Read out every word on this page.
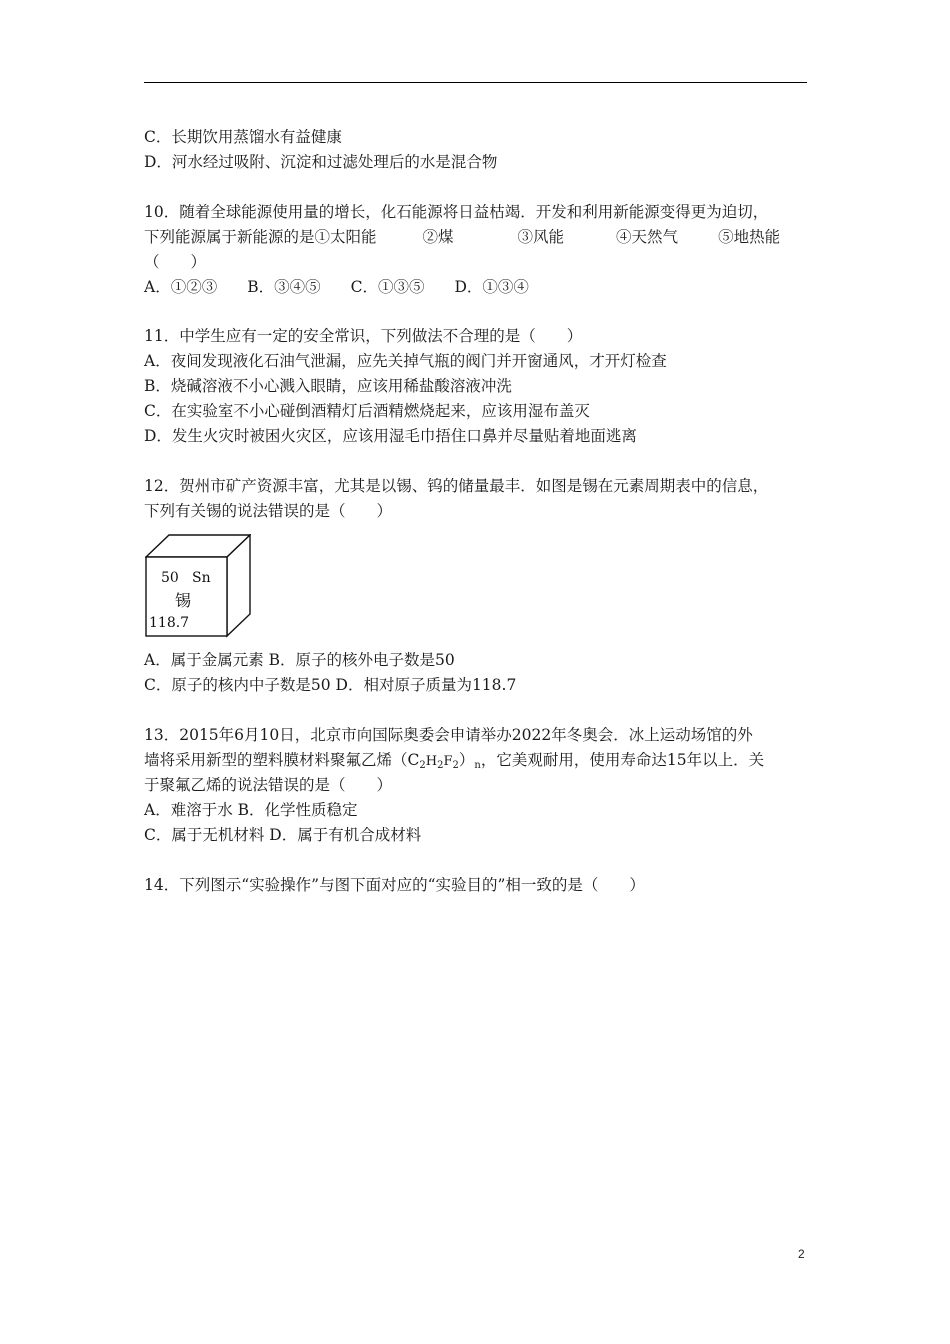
C．长期饮用蒸馏水有益健康
D．河水经过吸附、沉淀和过滤处理后的水是混合物
10．随着全球能源使用量的增长，化石能源将日益枯竭．开发和利用新能源变得更为迫切，
下列能源属于新能源的是①太阳能	②煤	③风能	④天然气	⑤地热能
（　　）
A．①②③ B．③④⑤ C．①③⑤ D．①③④
11．中学生应有一定的安全常识，下列做法不合理的是（　　）
A．夜间发现液化石油气泄漏，应先关掉气瓶的阀门并开窗通风，才开灯检查
B．烧碱溶液不小心溅入眼睛，应该用稀盐酸溶液冲洗
C．在实验室不小心碰倒酒精灯后酒精燃烧起来，应该用湿布盖灭
D．发生火灾时被困火灾区，应该用湿毛巾捂住口鼻并尽量贴着地面逃离
12．贺州市矿产资源丰富，尤其是以锡、钨的储量最丰．如图是锡在元素周期表中的信息，
下列有关锡的说法错误的是（　　）
50 Sn
锡
118.7
A．属于金属元素 B．原子的核外电子数是50
C．原子的核内中子数是50 D．相对原子质量为118.7
13．2015年6月10日，北京市向国际奥委会申请举办2022年冬奥会．冰上运动场馆的外
墙将采用新型的塑料膜材料聚氟乙烯$(C_2H_2F_2)_n$，它美观耐用，使用寿命达15年以上．关
于聚氟乙烯的说法错误的是（　　）
A．难溶于水 B．化学性质稳定
C．属于无机材料 D．属于有机合成材料
14．下列图示“实验操作”与图下面对应的“实验目的”相一致的是（　　）
2
